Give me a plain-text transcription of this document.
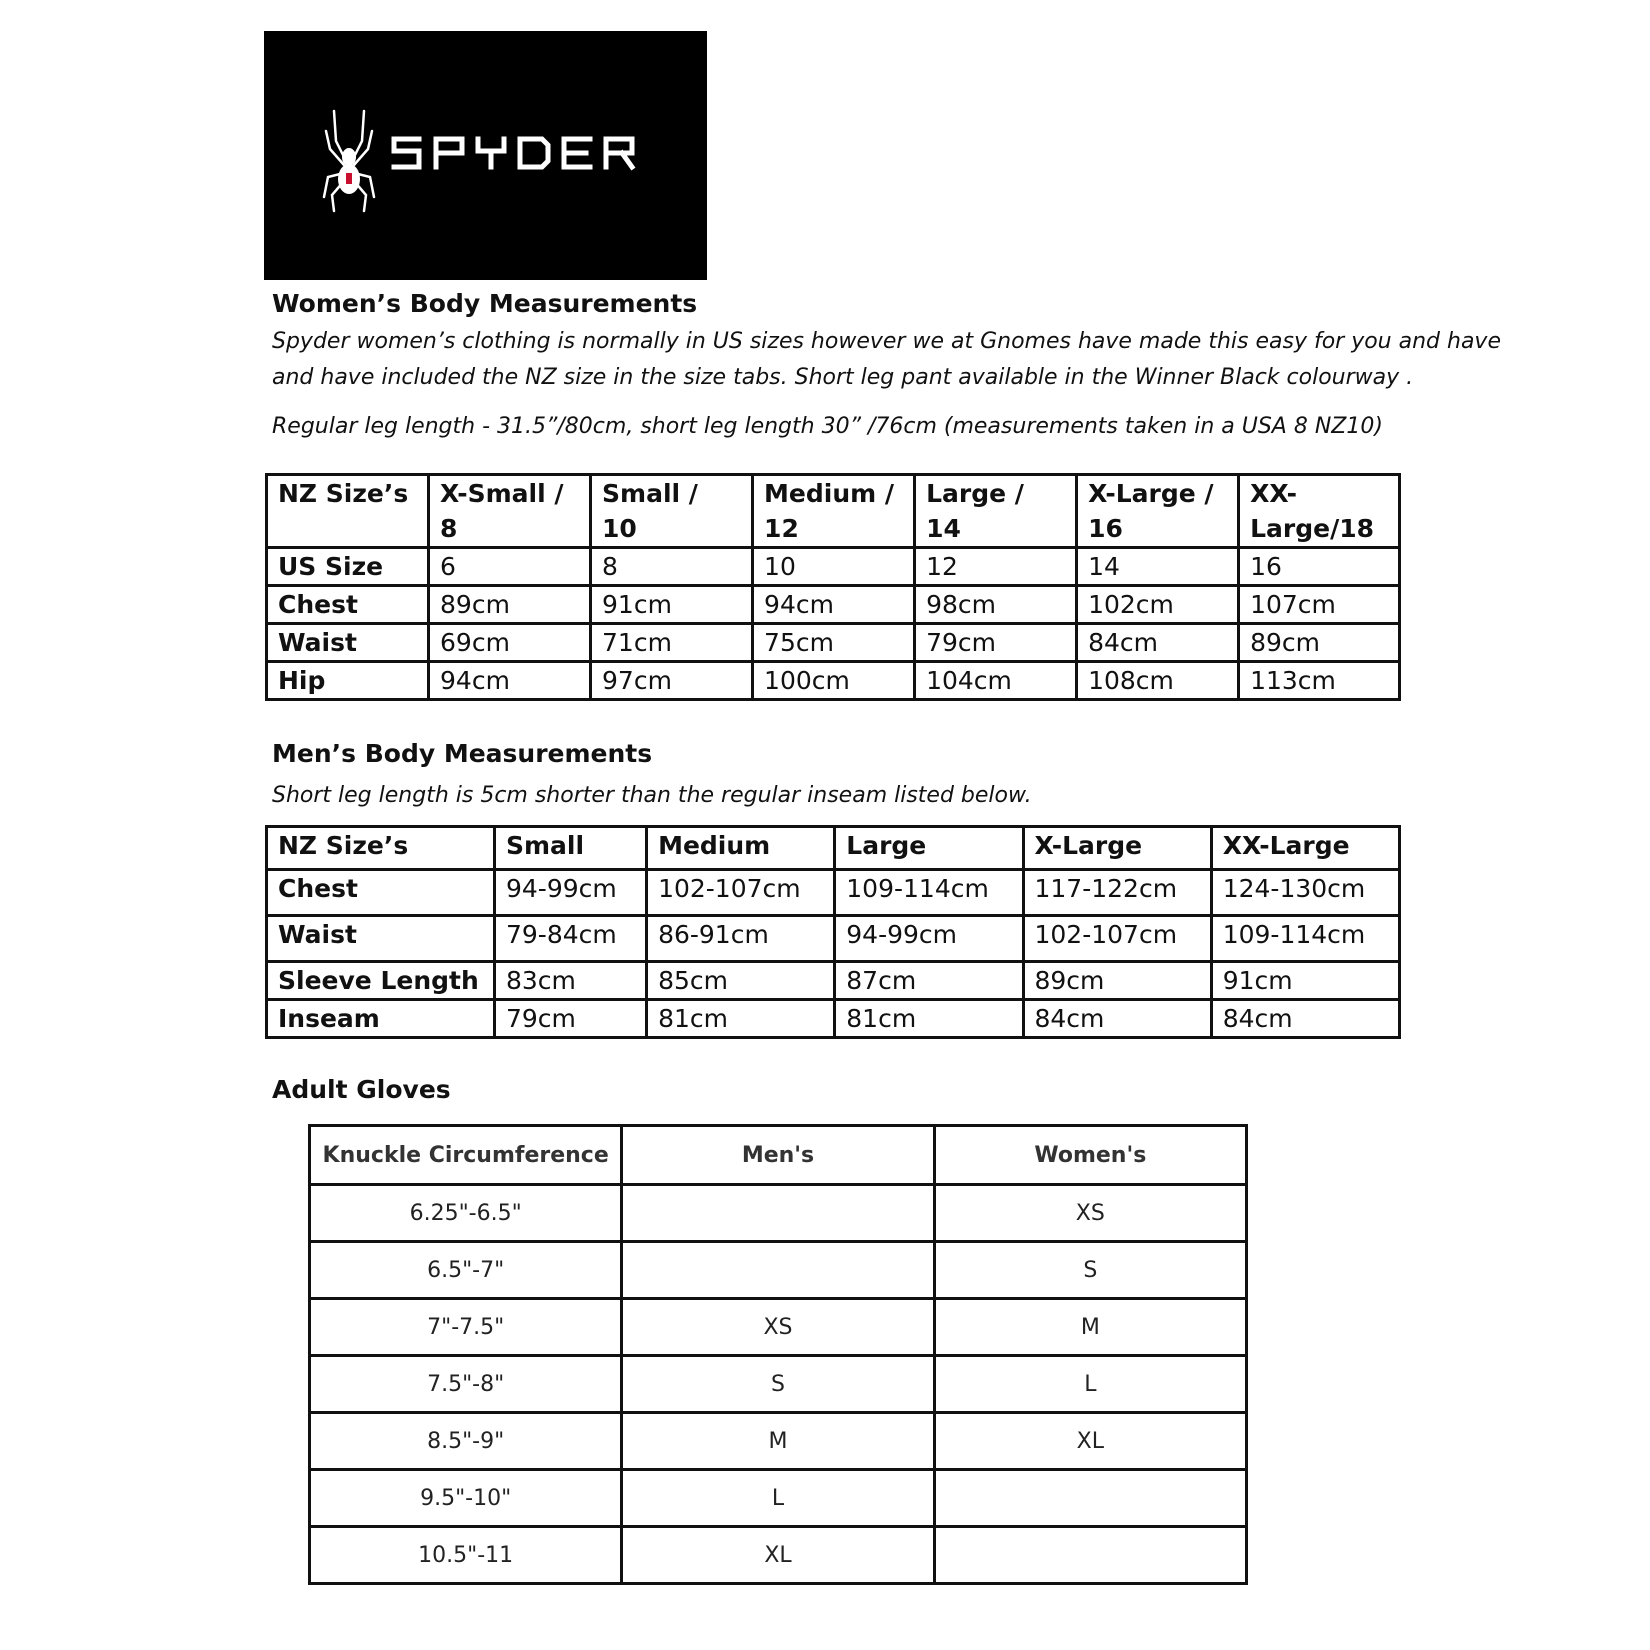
Women’s Body Measurements
Spyder women’s clothing is normally in US sizes however we at Gnomes have made this easy for you and have
and have included the NZ size in the size tabs. Short leg pant available in the Winner Black colourway .
Regular leg length - 31.5”/80cm, short leg length 30” /76cm (measurements taken in a USA 8 NZ10)
NZ Size’s	X-Small / 8	Small / 10	Medium / 12	Large / 14	X-Large / 16	XX-Large/18
US Size	6	8	10	12	14	16
Chest	89cm	91cm	94cm	98cm	102cm	107cm
Waist	69cm	71cm	75cm	79cm	84cm	89cm
Hip	94cm	97cm	100cm	104cm	108cm	113cm
Men’s Body Measurements
Short leg length is 5cm shorter than the regular inseam listed below.
NZ Size’s	Small	Medium	Large	X-Large	XX-Large
Chest	94-99cm	102-107cm	109-114cm	117-122cm	124-130cm
Waist	79-84cm	86-91cm	94-99cm	102-107cm	109-114cm
Sleeve Length	83cm	85cm	87cm	89cm	91cm
Inseam	79cm	81cm	81cm	84cm	84cm
Adult Gloves
Knuckle Circumference	Men's	Women's
6.25"-6.5"		XS
6.5"-7"		S
7"-7.5"	XS	M
7.5"-8"	S	L
8.5"-9"	M	XL
9.5"-10"	L	
10.5"-11	XL	
